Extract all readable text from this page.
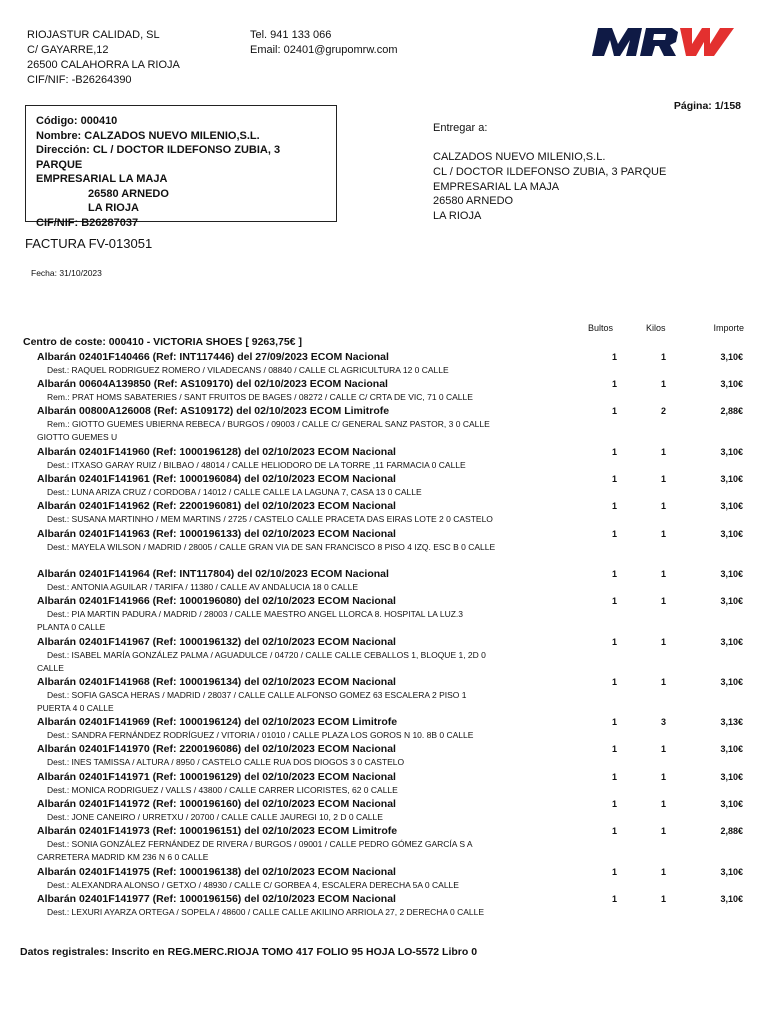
RIOJASTUR CALIDAD, SL
C/ GAYARRE,12
26500 CALAHORRA LA RIOJA
CIF/NIF: -B26264390
Tel. 941 133 066
Email: 02401@grupomrw.com
Página: 1/158
Código: 000410
Nombre: CALZADOS NUEVO MILENIO,S.L.
Dirección: CL / DOCTOR ILDEFONSO ZUBIA, 3 PARQUE
EMPRESARIAL LA MAJA
26580 ARNEDO
LA RIOJA
CIF/NIF: B26287037
Entregar a:
CALZADOS NUEVO MILENIO,S.L.
CL / DOCTOR ILDEFONSO ZUBIA, 3 PARQUE
EMPRESARIAL LA MAJA
26580 ARNEDO
LA RIOJA
FACTURA FV-013051
Fecha: 31/10/2023
Bultos	Kilos	Importe
Centro de coste: 000410 - VICTORIA SHOES [ 9263,75€ ]
Albarán 02401F140466 (Ref: INT117446) del 27/09/2023 ECOM Nacional	1	1	3,10€
Dest.: RAQUEL RODRIGUEZ ROMERO / VILADECANS / 08840 / CALLE CL AGRICULTURA 12 0 CALLE
Albarán 00604A139850 (Ref: AS109170) del 02/10/2023 ECOM Nacional	1	1	3,10€
Rem.: PRAT HOMS SABATERIES / SANT FRUITOS DE BAGES / 08272 / CALLE C/ CRTA DE VIC, 71 0 CALLE
Albarán 00800A126008 (Ref: AS109172) del 02/10/2023 ECOM Limitrofe	1	2	2,88€
Rem.: GIOTTO GUEMES UBIERNA REBECA / BURGOS / 09003 / CALLE C/ GENERAL SANZ PASTOR, 3 0 CALLE
GIOTTO GUEMES U
Albarán 02401F141960 (Ref: 1000196128) del 02/10/2023 ECOM Nacional	1	1	3,10€
Dest.: ITXASO GARAY RUIZ / BILBAO / 48014 / CALLE HELIODORO DE LA TORRE ,11 FARMACIA 0 CALLE
Albarán 02401F141961 (Ref: 1000196084) del 02/10/2023 ECOM Nacional	1	1	3,10€
Dest.: LUNA ARIZA CRUZ / CORDOBA / 14012 / CALLE CALLE LA LAGUNA 7, CASA 13 0 CALLE
Albarán 02401F141962 (Ref: 2200196081) del 02/10/2023 ECOM Nacional	1	1	3,10€
Dest.: SUSANA MARTINHO / MEM MARTINS / 2725 / CASTELO CALLE PRACETA DAS EIRAS LOTE 2 0 CASTELO
Albarán 02401F141963 (Ref: 1000196133) del 02/10/2023 ECOM Nacional	1	1	3,10€
Dest.: MAYELA WILSON / MADRID / 28005 / CALLE GRAN VIA DE SAN FRANCISCO 8 PISO 4 IZQ. ESC B 0 CALLE
Albarán 02401F141964 (Ref: INT117804) del 02/10/2023 ECOM Nacional	1	1	3,10€
Dest.: ANTONIA AGUILAR / TARIFA / 11380 / CALLE AV ANDALUCIA 18 0 CALLE
Albarán 02401F141966 (Ref: 1000196080) del 02/10/2023 ECOM Nacional	1	1	3,10€
Dest.: PIA MARTIN PADURA / MADRID / 28003 / CALLE MAESTRO ANGEL LLORCA 8. HOSPITAL LA LUZ.3
PLANTA 0 CALLE
Albarán 02401F141967 (Ref: 1000196132) del 02/10/2023 ECOM Nacional	1	1	3,10€
Dest.: ISABEL MARÍA GONZÁLEZ PALMA / AGUADULCE / 04720 / CALLE CALLE CEBALLOS 1, BLOQUE 1, 2D 0
CALLE
Albarán 02401F141968 (Ref: 1000196134) del 02/10/2023 ECOM Nacional	1	1	3,10€
Dest.: SOFIA GASCA HERAS / MADRID / 28037 / CALLE CALLE ALFONSO GOMEZ 63 ESCALERA 2 PISO 1
PUERTA 4 0 CALLE
Albarán 02401F141969 (Ref: 1000196124) del 02/10/2023 ECOM Limitrofe	1	3	3,13€
Dest.: SANDRA FERNÁNDEZ RODRÍGUEZ / VITORIA / 01010 / CALLE PLAZA LOS GOROS N 10. 8B 0 CALLE
Albarán 02401F141970 (Ref: 2200196086) del 02/10/2023 ECOM Nacional	1	1	3,10€
Dest.: INES TAMISSA / ALTURA / 8950 / CASTELO CALLE RUA DOS DIOGOS 3 0 CASTELO
Albarán 02401F141971 (Ref: 1000196129) del 02/10/2023 ECOM Nacional	1	1	3,10€
Dest.: MONICA RODRIGUEZ / VALLS / 43800 / CALLE CARRER LICORISTES, 62 0 CALLE
Albarán 02401F141972 (Ref: 1000196160) del 02/10/2023 ECOM Nacional	1	1	3,10€
Dest.: JONE CANEIRO / URRETXU / 20700 / CALLE CALLE JAUREGI 10, 2 D 0 CALLE
Albarán 02401F141973 (Ref: 1000196151) del 02/10/2023 ECOM Limitrofe	1	1	2,88€
Dest.: SONIA GONZÁLEZ FERNÁNDEZ DE RIVERA / BURGOS / 09001 / CALLE PEDRO GÓMEZ GARCÍA S A
CARRETERA MADRID KM 236 N 6 0 CALLE
Albarán 02401F141975 (Ref: 1000196138) del 02/10/2023 ECOM Nacional	1	1	3,10€
Dest.: ALEXANDRA ALONSO / GETXO / 48930 / CALLE C/ GORBEA 4, ESCALERA DERECHA 5A 0 CALLE
Albarán 02401F141977 (Ref: 1000196156) del 02/10/2023 ECOM Nacional	1	1	3,10€
Dest.: LEXURI AYARZA ORTEGA / SOPELA / 48600 / CALLE CALLE AKILINO ARRIOLA 27, 2 DERECHA 0 CALLE
Datos registrales: Inscrito en REG.MERC.RIOJA TOMO 417 FOLIO 95 HOJA LO-5572 Libro 0
